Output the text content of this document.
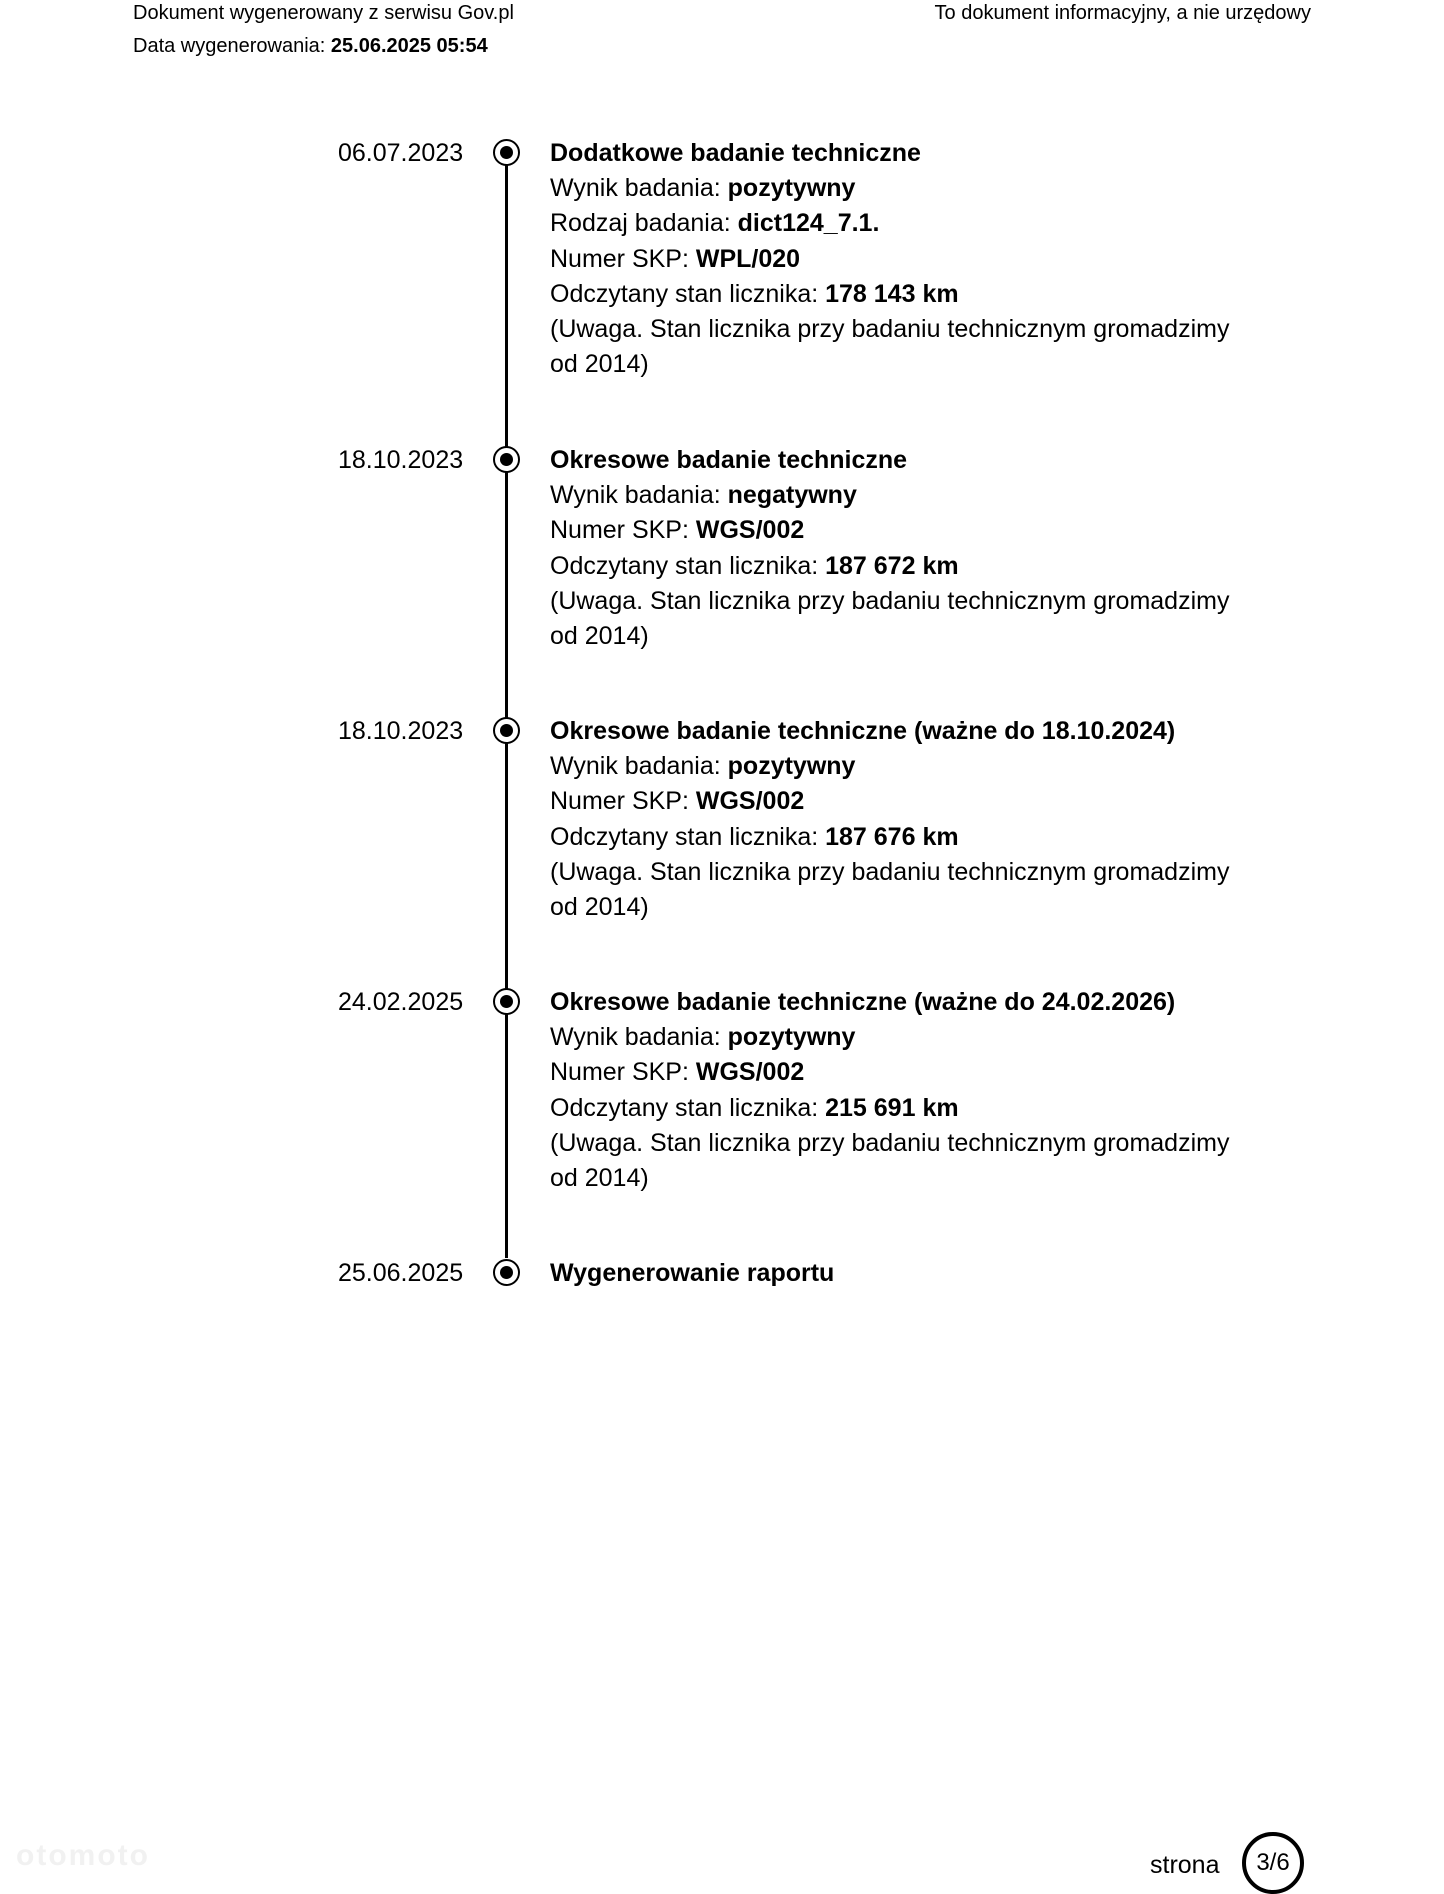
Dokument wygenerowany z serwisu Gov.pl
Data wygenerowania: 25.06.2025 05:54
To dokument informacyjny, a nie urzędowy
06.07.2023	Dodatkowe badanie techniczne
Wynik badania: pozytywny
Rodzaj badania: dict124_7.1.
Numer SKP: WPL/020
Odczytany stan licznika: 178 143 km
(Uwaga. Stan licznika przy badaniu technicznym gromadzimy od 2014)
18.10.2023	Okresowe badanie techniczne
Wynik badania: negatywny
Numer SKP: WGS/002
Odczytany stan licznika: 187 672 km
(Uwaga. Stan licznika przy badaniu technicznym gromadzimy od 2014)
18.10.2023	Okresowe badanie techniczne (ważne do 18.10.2024)
Wynik badania: pozytywny
Numer SKP: WGS/002
Odczytany stan licznika: 187 676 km
(Uwaga. Stan licznika przy badaniu technicznym gromadzimy od 2014)
24.02.2025	Okresowe badanie techniczne (ważne do 24.02.2026)
Wynik badania: pozytywny
Numer SKP: WGS/002
Odczytany stan licznika: 215 691 km
(Uwaga. Stan licznika przy badaniu technicznym gromadzimy od 2014)
25.06.2025	Wygenerowanie raportu
otomoto	strona	3/6
